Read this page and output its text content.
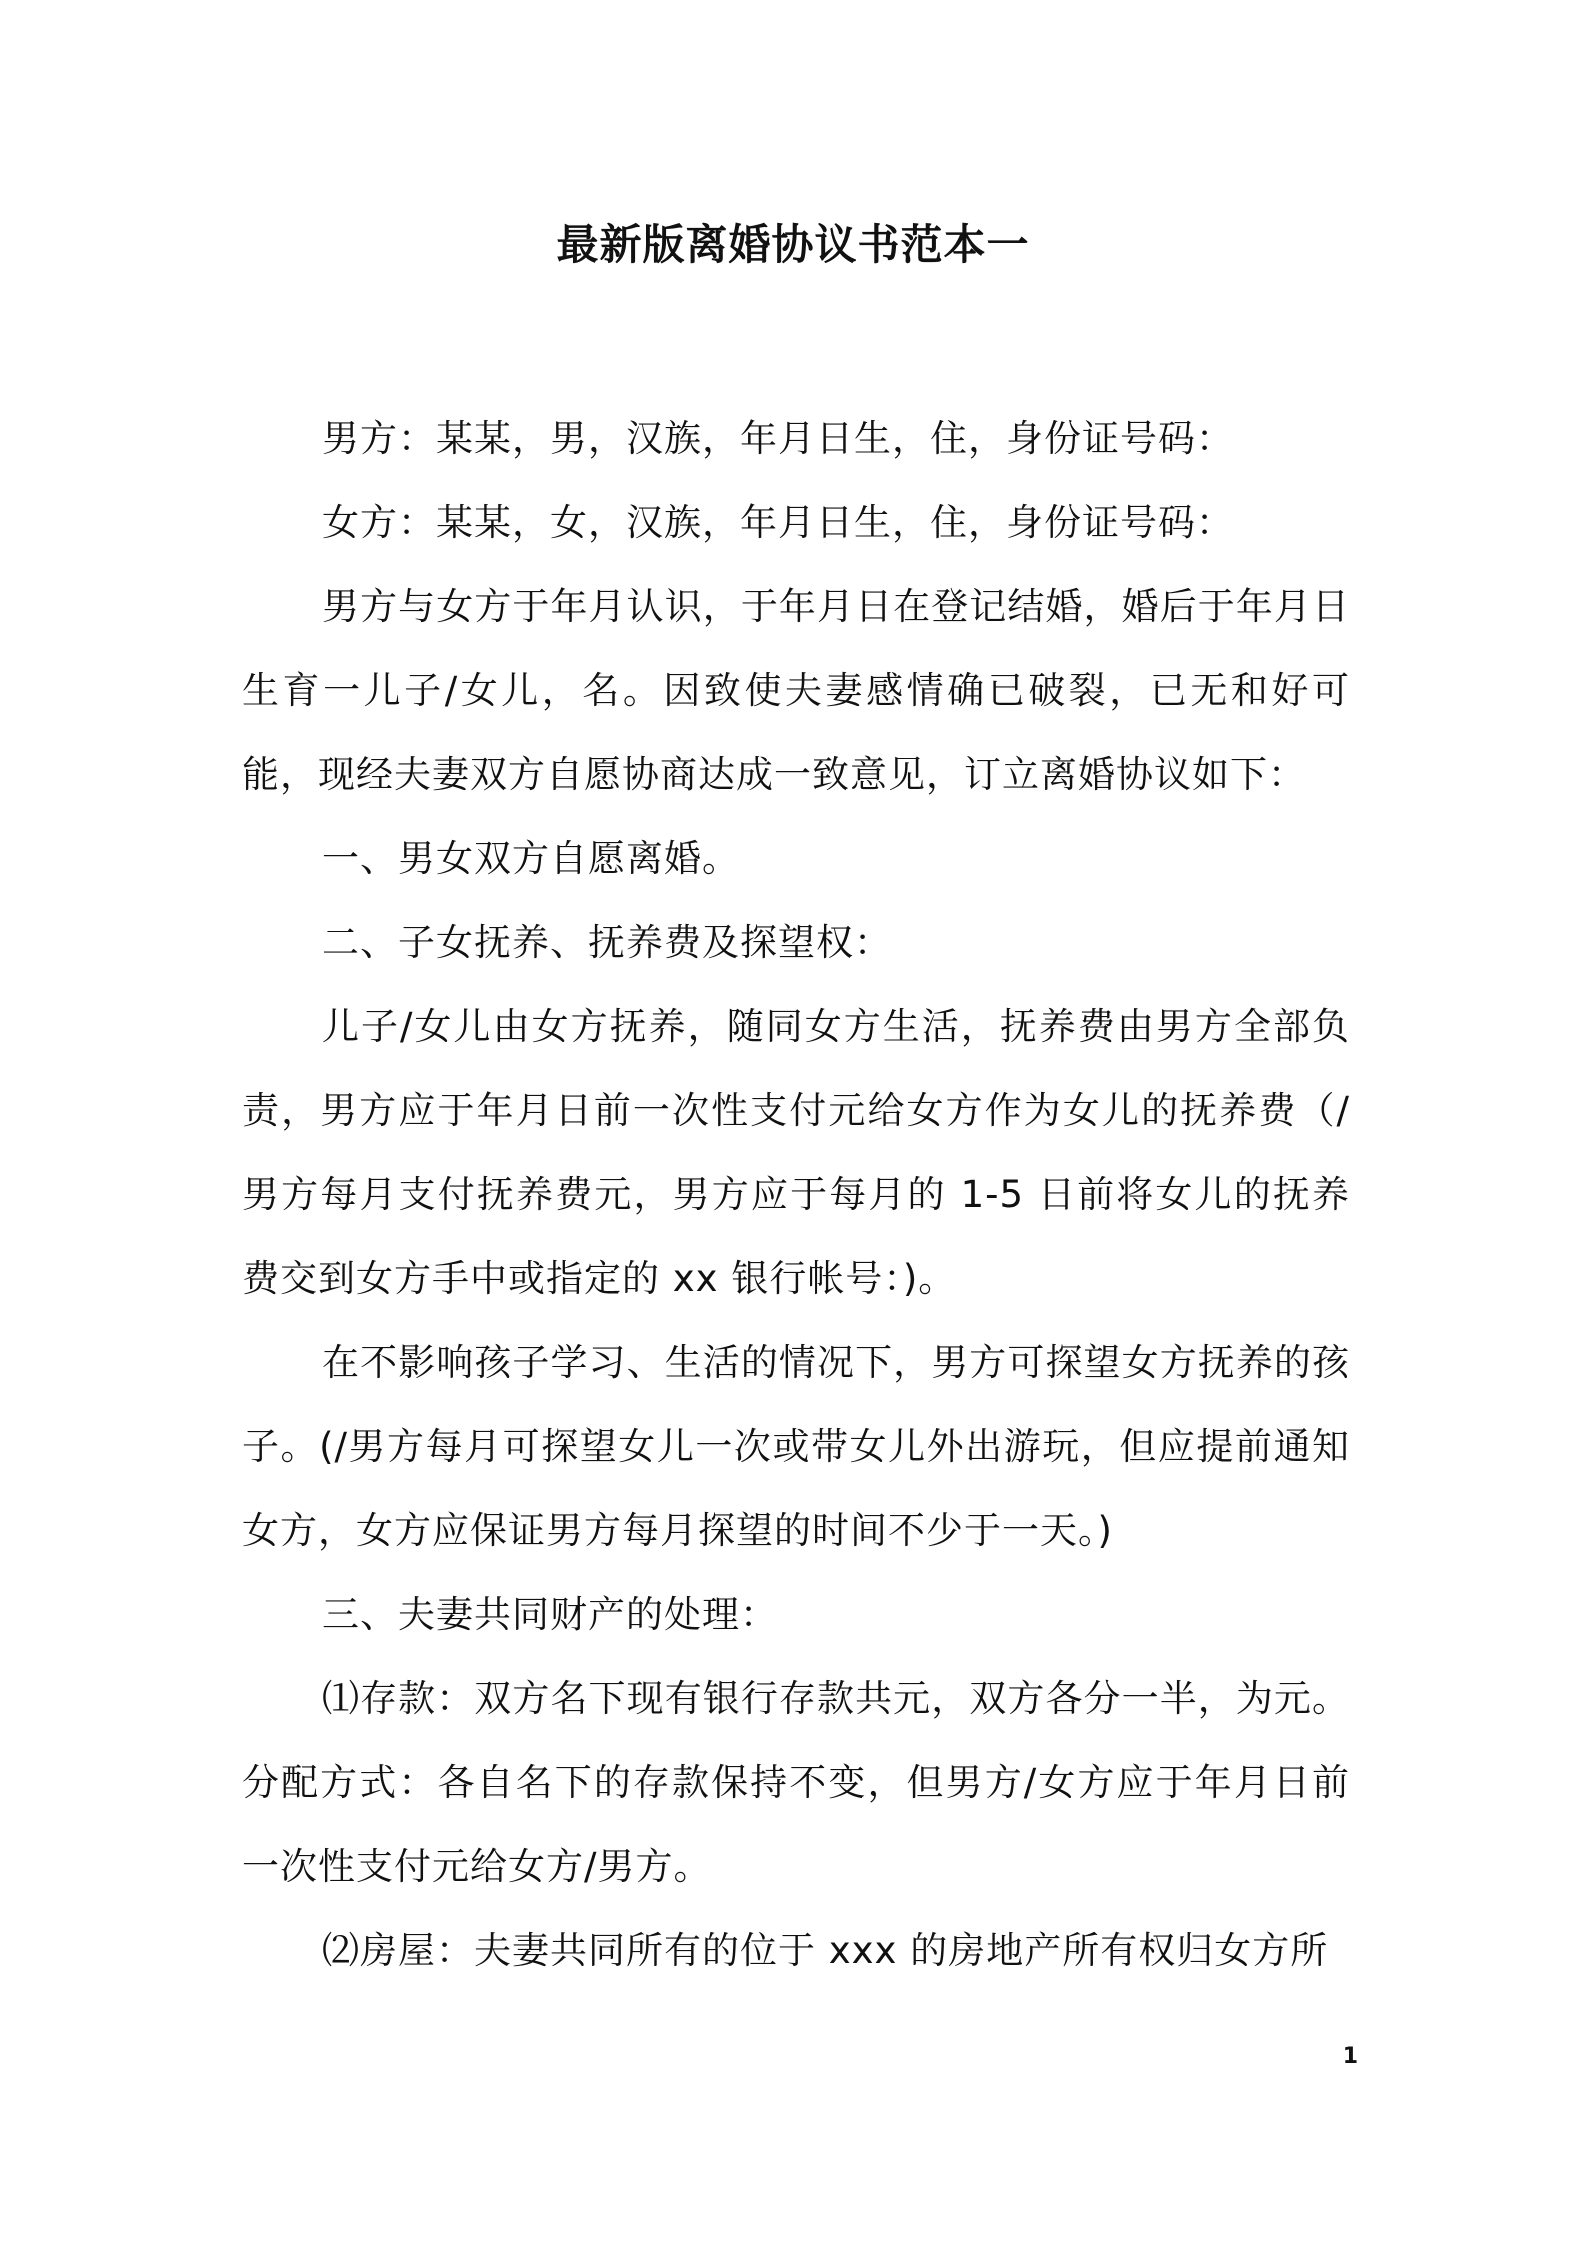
最新版离婚协议书范本一

男方：某某，男，汉族，年月日生，住，身份证号码：

女方：某某，女，汉族，年月日生，住，身份证号码：

男方与女方于年月认识，于年月日在登记结婚，婚后于年月日生育一儿子/女儿，名。因致使夫妻感情确已破裂，已无和好可能，现经夫妻双方自愿协商达成一致意见，订立离婚协议如下：

一、男女双方自愿离婚。

二、子女抚养、抚养费及探望权：

儿子/女儿由女方抚养，随同女方生活，抚养费由男方全部负责，男方应于年月日前一次性支付元给女方作为女儿的抚养费（/男方每月支付抚养费元，男方应于每月的 1-5 日前将女儿的抚养费交到女方手中或指定的 xx 银行帐号：)。

在不影响孩子学习、生活的情况下，男方可探望女方抚养的孩子。(/男方每月可探望女儿一次或带女儿外出游玩，但应提前通知女方，女方应保证男方每月探望的时间不少于一天。)

三、夫妻共同财产的处理：

⑴存款：双方名下现有银行存款共元，双方各分一半，为元。分配方式：各自名下的存款保持不变，但男方/女方应于年月日前一次性支付元给女方/男方。

⑵房屋：夫妻共同所有的位于 xxx 的房地产所有权归女方所

1
